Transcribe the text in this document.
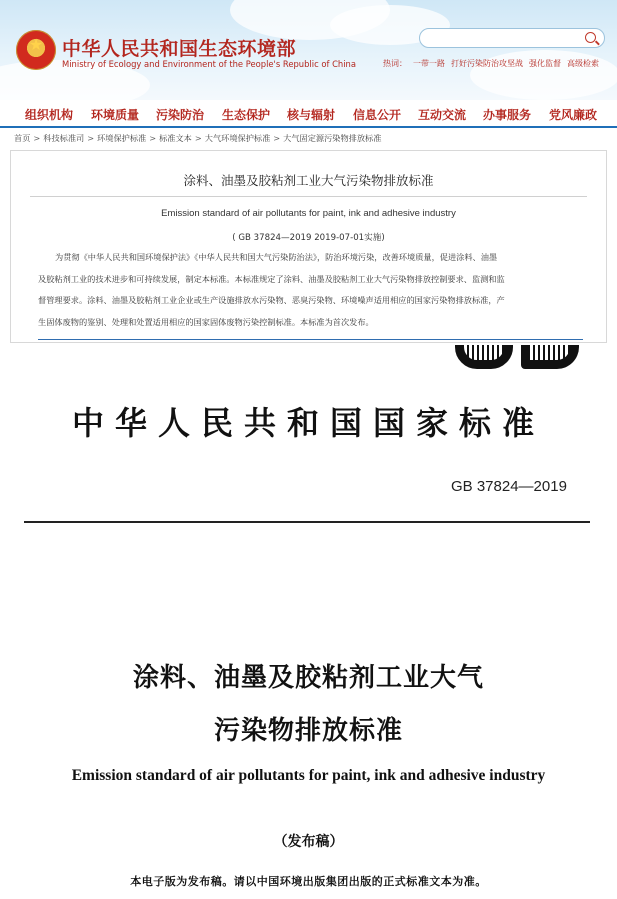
★
中华人民共和国生态环境部
Ministry of Ecology and Environment of the People's Republic of China	热词： 一带一路 打好污染防治攻坚战 强化监督 高级检索
组织机构 环境质量 污染防治 生态保护 核与辐射 信息公开 互动交流 办事服务 党风廉政
首页 > 科技标准司 > 环境保护标准 > 标准文本 > 大气环境保护标准 > 大气固定源污染物排放标准
涂料、油墨及胶粘剂工业大气污染物排放标准
Emission standard of air pollutants for paint, ink and adhesive industry
( GB 37824—2019 2019-07-01实施)
为贯彻《中华人民共和国环境保护法》《中华人民共和国大气污染防治法》，防治环境污染，改善环境质量，促进涂料、油墨
及胶粘剂工业的技术进步和可持续发展，制定本标准。本标准规定了涂料、油墨及胶粘剂工业大气污染物排放控制要求、监测和监
督管理要求。涂料、油墨及胶粘剂工业企业或生产设施排放水污染物、恶臭污染物、环境噪声适用相应的国家污染物排放标准，产
生固体废物的鉴别、处理和处置适用相应的国家固体废物污染控制标准。本标准为首次发布。
中华人民共和国国家标准
GB 37824—2019
涂料、油墨及胶粘剂工业大气
污染物排放标准
Emission standard of air pollutants for paint, ink and adhesive industry
（发布稿）
本电子版为发布稿。请以中国环境出版集团出版的正式标准文本为准。
